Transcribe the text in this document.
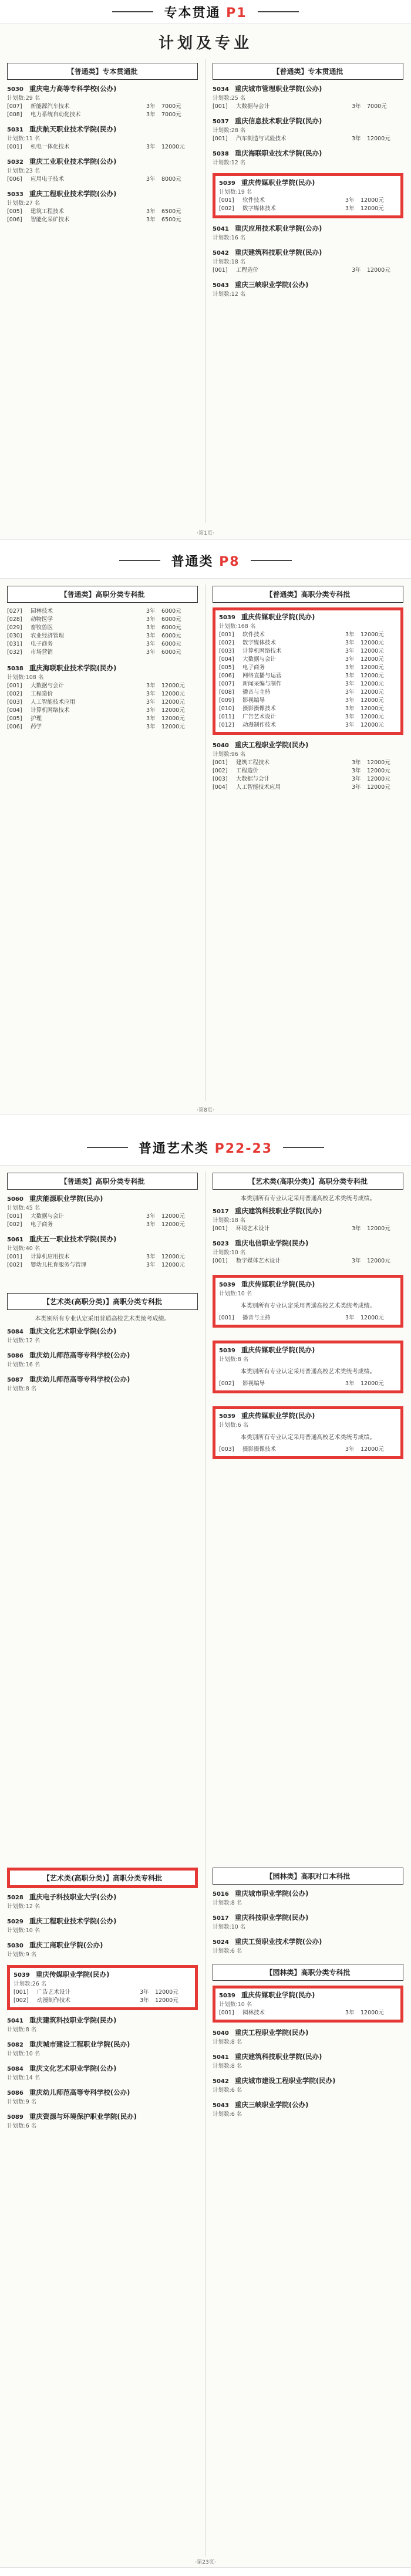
专本贯通 P1
计划及专业
【普通类】专本贯通批
5030 重庆电力高等专科学校(公办)
计划数:29 名
[007]	新能源汽车技术	3年	7000元
[008]	电力系统自动化技术	3年	7000元
5031 重庆航天职业技术学院(民办)
计划数:11 名
[001]	机电一体化技术	3年	12000元
5032 重庆工业职业技术学院(公办)
计划数:23 名
[006]	应用电子技术	3年	8000元
5033 重庆工程职业技术学院(公办)
计划数:27 名
[005]	建筑工程技术	3年	6500元
[006]	智能化采矿技术	3年	6500元
【普通类】专本贯通批
5034 重庆城市管理职业学院(公办)
计划数:25 名
[001]	大数据与会计	3年	7000元
5037 重庆信息技术职业学院(民办)
计划数:28 名
[001]	汽车制造与试验技术	3年	12000元
5038 重庆海联职业技术学院(民办)
计划数:12 名
5039 重庆传媒职业学院(民办)
计划数:19 名
[001]	软件技术	3年	12000元
[002]	数字媒体技术	3年	12000元
5041 重庆应用技术职业学院(公办)
计划数:16 名
5042 重庆建筑科技职业学院(民办)
计划数:18 名
[001]	工程造价	3年	12000元
5043 重庆三峡职业学院(公办)
计划数:12 名
·第1页·
普通类 P8
【普通类】高职分类专科批
[027]	园林技术	3年	6000元
[028]	动物医学	3年	6000元
[029]	畜牧兽医	3年	6000元
[030]	农业经济管理	3年	6000元
[031]	电子商务	3年	6000元
[032]	市场营销	3年	6000元
5038 重庆海联职业技术学院(民办)
计划数:108 名
[001]	大数据与会计	3年	12000元
[002]	工程造价	3年	12000元
[003]	人工智能技术应用	3年	12000元
[004]	计算机网络技术	3年	12000元
[005]	护理	3年	12000元
[006]	药学	3年	12000元
【普通类】高职分类专科批
5039 重庆传媒职业学院(民办)
计划数:168 名
[001]	软件技术	3年	12000元
[002]	数字媒体技术	3年	12000元
[003]	计算机网络技术	3年	12000元
[004]	大数据与会计	3年	12000元
[005]	电子商务	3年	12000元
[006]	网络直播与运营	3年	12000元
[007]	新闻采编与制作	3年	12000元
[008]	播音与主持	3年	12000元
[009]	影视编导	3年	12000元
[010]	摄影摄像技术	3年	12000元
[011]	广告艺术设计	3年	12000元
[012]	动漫制作技术	3年	12000元
5040 重庆工程职业学院(民办)
计划数:96 名
[001]	建筑工程技术	3年	12000元
[002]	工程造价	3年	12000元
[003]	大数据与会计	3年	12000元
[004]	人工智能技术应用	3年	12000元
·第8页·
普通艺术类 P22-23
【普通类】高职分类专科批
5060 重庆能源职业学院(民办)
计划数:45 名
[001]	大数据与会计	3年	12000元
[002]	电子商务	3年	12000元
5061 重庆五一职业技术学院(民办)
计划数:40 名
[001]	计算机应用技术	3年	12000元
[002]	婴幼儿托育服务与管理	3年	12000元
【艺术类(高职分类)】高职分类专科批
本类别所有专业认定采用普通高校艺术类统考成绩。
5084 重庆文化艺术职业学院(公办)
计划数:12 名
5086 重庆幼儿师范高等专科学校(公办)
计划数:16 名
5087 重庆幼儿师范高等专科学校(公办)
计划数:8 名
【艺术类(高职分类)】高职分类专科批
本类别所有专业认定采用普通高校艺术类统考成绩。
5017 重庆建筑科技职业学院(民办)
计划数:18 名
[001]	环境艺术设计	3年	12000元
5023 重庆电信职业学院(民办)
计划数:10 名
[001]	数字媒体艺术设计	3年	12000元
5039 重庆传媒职业学院(民办)
计划数:10 名
本类别所有专业认定采用普通高校艺术类统考成绩。
[001]	播音与主持	3年	12000元
5039 重庆传媒职业学院(民办)
计划数:8 名
本类别所有专业认定采用普通高校艺术类统考成绩。
[002]	影视编导	3年	12000元
5039 重庆传媒职业学院(民办)
计划数:6 名
本类别所有专业认定采用普通高校艺术类统考成绩。
[003]	摄影摄像技术	3年	12000元
【艺术类(高职分类)】高职分类专科批
5028 重庆电子科技职业大学(公办)
计划数:12 名
5029 重庆工程职业技术学院(公办)
计划数:10 名
5030 重庆工商职业学院(公办)
计划数:9 名
5039 重庆传媒职业学院(民办)
计划数:26 名
[001]	广告艺术设计	3年	12000元
[002]	动漫制作技术	3年	12000元
5041 重庆建筑科技职业学院(民办)
计划数:8 名
5082 重庆城市建设工程职业学院(民办)
计划数:10 名
5084 重庆文化艺术职业学院(公办)
计划数:14 名
5086 重庆幼儿师范高等专科学校(公办)
计划数:9 名
5089 重庆资源与环境保护职业学院(民办)
计划数:6 名
【园林类】高职对口本科批
5016 重庆城市职业学院(公办)
计划数:8 名
5017 重庆科技职业学院(民办)
计划数:10 名
5024 重庆工贸职业技术学院(公办)
计划数:6 名
【园林类】高职分类专科批
5039 重庆传媒职业学院(民办)
计划数:10 名
[001]	园林技术	3年	12000元
5040 重庆工程职业学院(民办)
计划数:8 名
5041 重庆建筑科技职业学院(民办)
计划数:8 名
5042 重庆城市建设工程职业学院(民办)
计划数:6 名
5043 重庆三峡职业学院(公办)
计划数:6 名
·第23页·
